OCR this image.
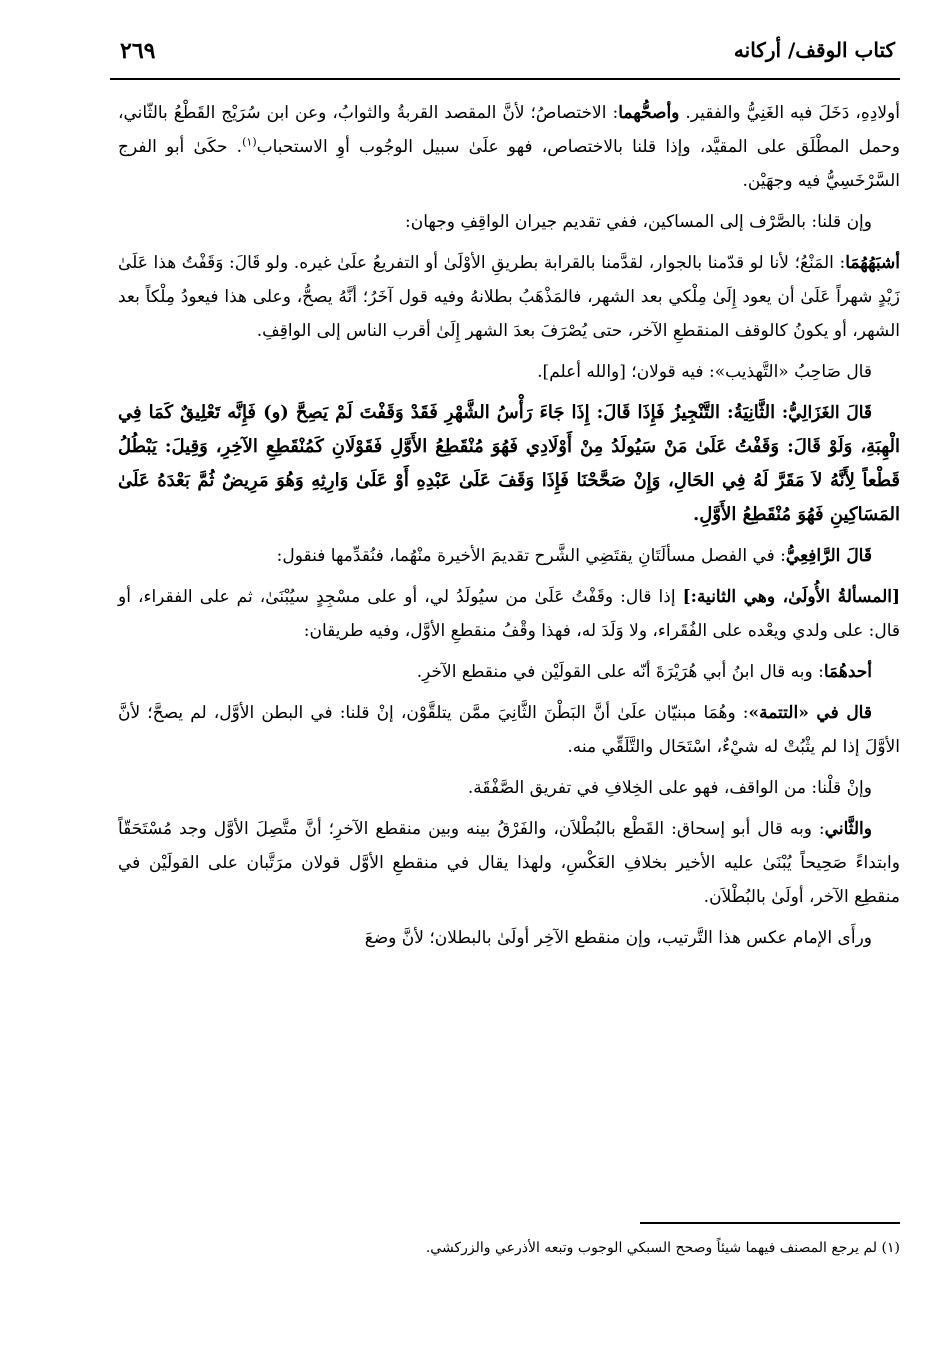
كتاب الوقف/ أركانه
٢٦٩

أولادِهِ، دَخَلَ فيه الغَنِيُّ والفقير. وأصحُّهما: الاختصاصُ؛ لأنَّ المقصد القربةُ والثوابُ، وعن ابن سُرَيْج القَطْعُ بالثّاني، وحمل المطْلَق على المقيَّد، وإذا قلنا بالاختصاص، فهو علَىٰ سبيل الوجُوب أوِ الاستحباب$^{(١)}$. حكَىٰ أبو الفرج السَّرْخَسِيُّ فيه وجهَيْن.

وإن قلنا: بالصَّرْف إلى المساكين، ففي تقديم جيران الواقِفِ وجهان:

أشبَهُهُمَا: المَنْعُ؛ لأنا لو قدّمنا بالجوار، لقدَّمنا بالقرابة بطريقِ الأوْلَىٰ أو التفريعُ علَىٰ غيره. ولو قَالَ: وَقَفْتُ هذا عَلَىٰ زَيْدٍ شهراً عَلَىٰ أن يعود إِلَىٰ مِلْكي بعد الشهر، فالمَذْهَبُ بطلانهُ وفيه قول آخَرُ؛ أنَّهُ يصحُّ، وعلى هذا فيعودُ مِلْكاً بعد الشهر، أو يكونُ كالوقف المنقطعِ الآخر، حتى يُصْرَفَ بعدَ الشهر إِلَىٰ أقرب الناس إلى الواقِفِ.

قال صَاحِبُ «التَّهذيب»: فيه قولان؛ [والله أعلم].

قَالَ الغَزَالِيُّ: الثَّانِيَةُ: التَّنْجِيزُ فَإِذَا قَالَ: إِذَا جَاءَ رَأْسُ الشَّهْرِ فَقَدْ وَقَفْتَ لَمْ يَصِحَّ (و) فَإِنَّه تَعْلِيقٌ كَمَا فِي الْهِبَةِ، وَلَوْ قَالَ: وَقَفْتُ عَلَىٰ مَنْ سَيُولَدُ مِنْ أَوْلَادِي فَهُوَ مُنْقَطِعُ الأَوَّلِ فَقَوْلَانِ كَمُنْقَطِعِ الآخِرِ، وَقِيلَ: يَبْطُلُ قَطْعاً لِأَنَّهُ لاَ مَقَرَّ لَهُ فِي الحَالِ، وَإِنْ صَحَّحْنَا فَإِذَا وَقَفَ عَلَىٰ عَبْدِهِ أَوْ عَلَىٰ وَارِثِهِ وَهُوَ مَرِيضٌ ثُمَّ بَعْدَهُ عَلَىٰ المَسَاكِينِ فَهُوَ مُنْقَطِعُ الأَوَّلِ.

قَالَ الرَّافِعِيُّ: في الفصل مسألَتَانِ يقتَضِي الشَّرح تقديمَ الأخيرة منْهُما، فنُقدِّمها فنقول:

[المسألةُ الأُولَىٰ، وهي الثانية:] إذا قال: وقَفْتُ عَلَىٰ من سيُولَدُ لي، أو على مسْجِدٍ سيُبْنَىٰ، ثم على الفقراء، أو قال: على ولدي ويعْده على الفُقَراء، ولا وَلَدَ له، فهذا وقْفُ منقطعِ الأوَّل، وفيه طريقان:

أحدهُمَا: وبه قال ابنُ أبي هُرَيْرَةَ أنّه على القولَيْن في منقطع الآخرِ.

قال في «التتمة»: وهُمَا مبنيّان علَىٰ أنَّ البَطْنَ الثَّانِيَ ممَّن يتلقَّوْن، إنْ قلنا: في البطن الأوَّل، لم يصحَّ؛ لأنَّ الأوَّلَ إذا لم يثْبُتْ له شيْءٌ، اسْتَحَال والتَّلَقِّي منه.

وإنْ قلْنا: من الواقف، فهو على الخِلافِ في تفريق الصَّفْقَة.

والثَّاني: وبه قال أبو إسحاق: القَطْع بالبُطْلاَن، والفَرْقُ بينه وبين منقطع الآخرِ؛ أنَّ متَّصِلَ الأوَّل وجد مُسْتَحَقّاً وابتداءً صَحِيحاً يُبْنَىٰ عليه الأخير بخلافِ العَكْسِ، ولهذا يقال في منقطعِ الأوَّل قولان مرَتَّبان على القولَيْن في منقطِع الآخر، أولَىٰ بالبُطْلاَن.

ورأَى الإمام عكس هذا التَّرتيب، وإن منقطع الآخِر أولَىٰ بالبطلان؛ لأنَّ وضعَ

(١) لم يرجع المصنف فيهما شيئاً وصحح السبكي الوجوب وتبعه الأذرعي والزركشي.
